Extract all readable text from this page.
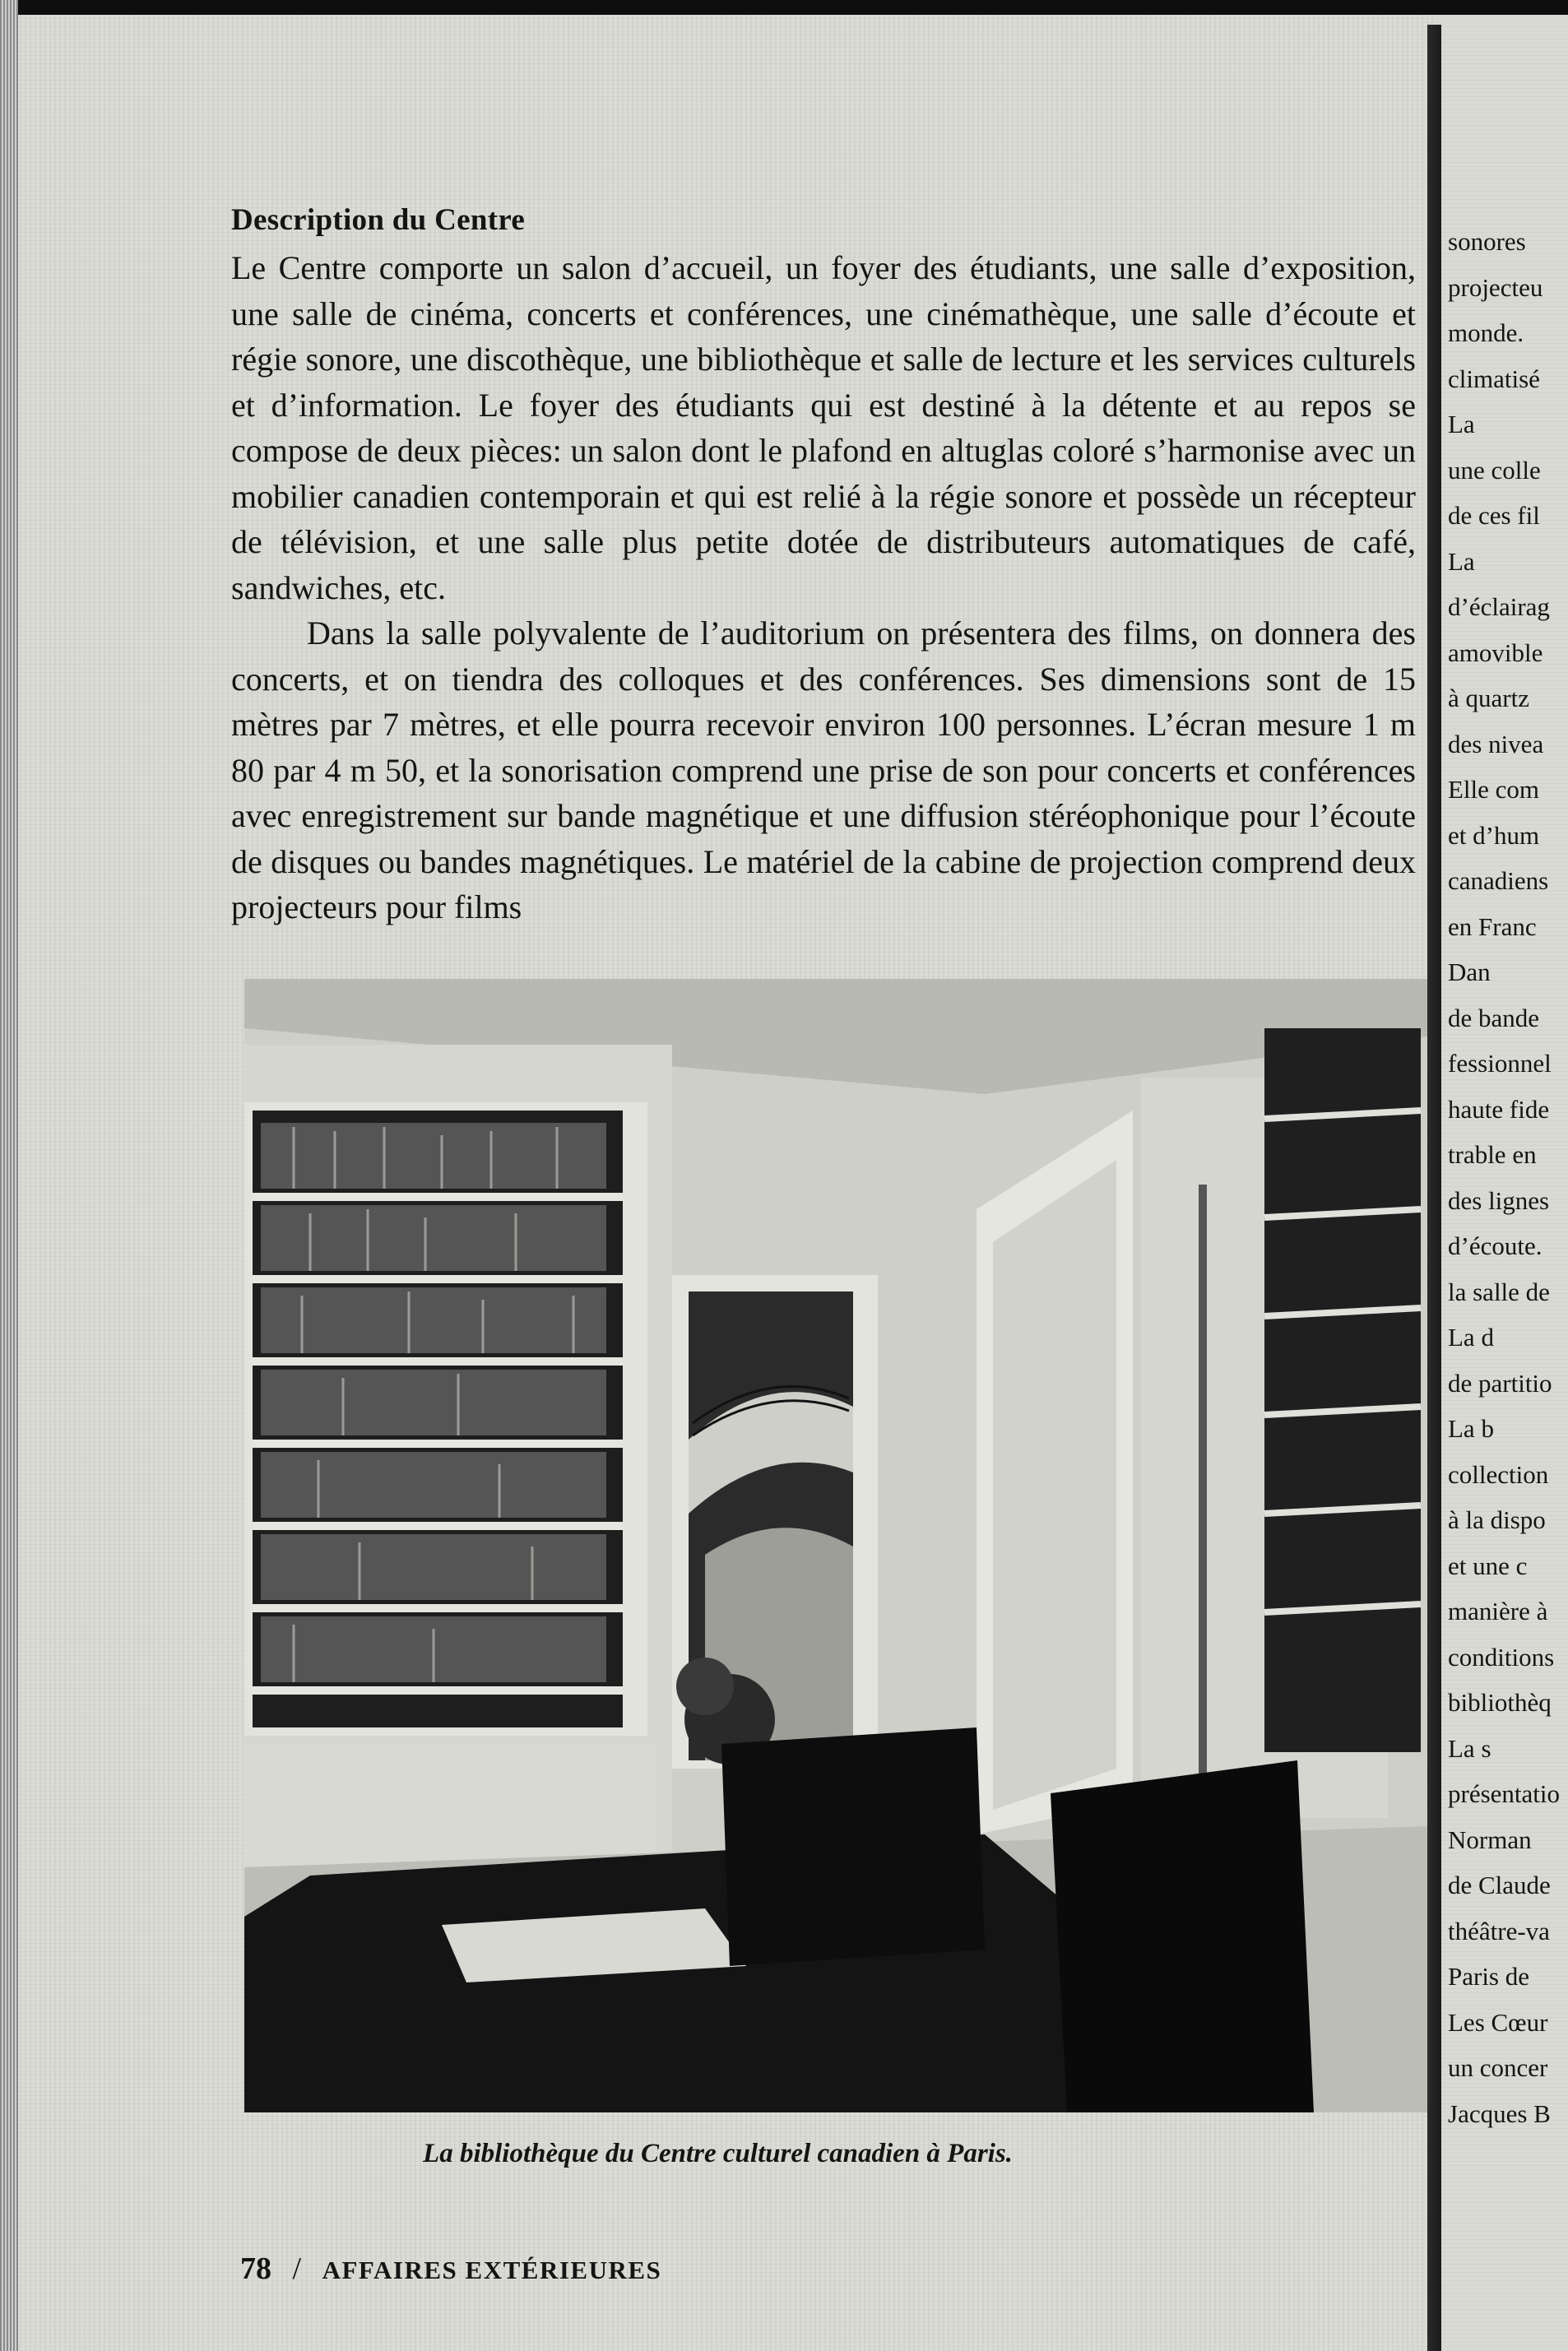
Description du Centre

Le Centre comporte un salon d’accueil, un foyer des étudiants, une salle d’exposition, une salle de cinéma, concerts et conférences, une cinémathèque, une salle d’écoute et régie sonore, une discothèque, une bibliothèque et salle de lecture et les services culturels et d’information. Le foyer des étudiants qui est destiné à la détente et au repos se compose de deux pièces: un salon dont le plafond en altuglas coloré s’harmonise avec un mobilier canadien contemporain et qui est relié à la régie sonore et possède un récepteur de télévision, et une salle plus petite dotée de distributeurs automatiques de café, sandwiches, etc.

Dans la salle polyvalente de l’auditorium on présentera des films, on donnera des concerts, et on tiendra des colloques et des conférences. Ses dimensions sont de 15 mètres par 7 mètres, et elle pourra recevoir environ 100 personnes. L’écran mesure 1 m 80 par 4 m 50, et la sonorisation comprend une prise de son pour concerts et conférences avec enregistrement sur bande magnétique et une diffusion stéréophonique pour l’écoute de disques ou bandes magnétiques. Le matériel de la cabine de projection comprend deux projecteurs pour films

La bibliothèque du Centre culturel canadien à Paris.
78 / AFFAIRES EXTÉRIEURES
sonores
projecteu
monde.
climatisé
La
une colle
de ces fil
La
d’éclairag
amovible
à quartz
des nivea
Elle com
et d’hum
canadiens
en Franc
Dan
de bande
fessionnel
haute fide
trable en
des lignes
d’écoute.
la salle de
La d
de partitio
La b
collection
à la dispo
et une c
manière à
conditions
bibliothèq
La s
présentatio
Norman
de Claude
théâtre-va
Paris de
Les Cœur
un concer
Jacques B
